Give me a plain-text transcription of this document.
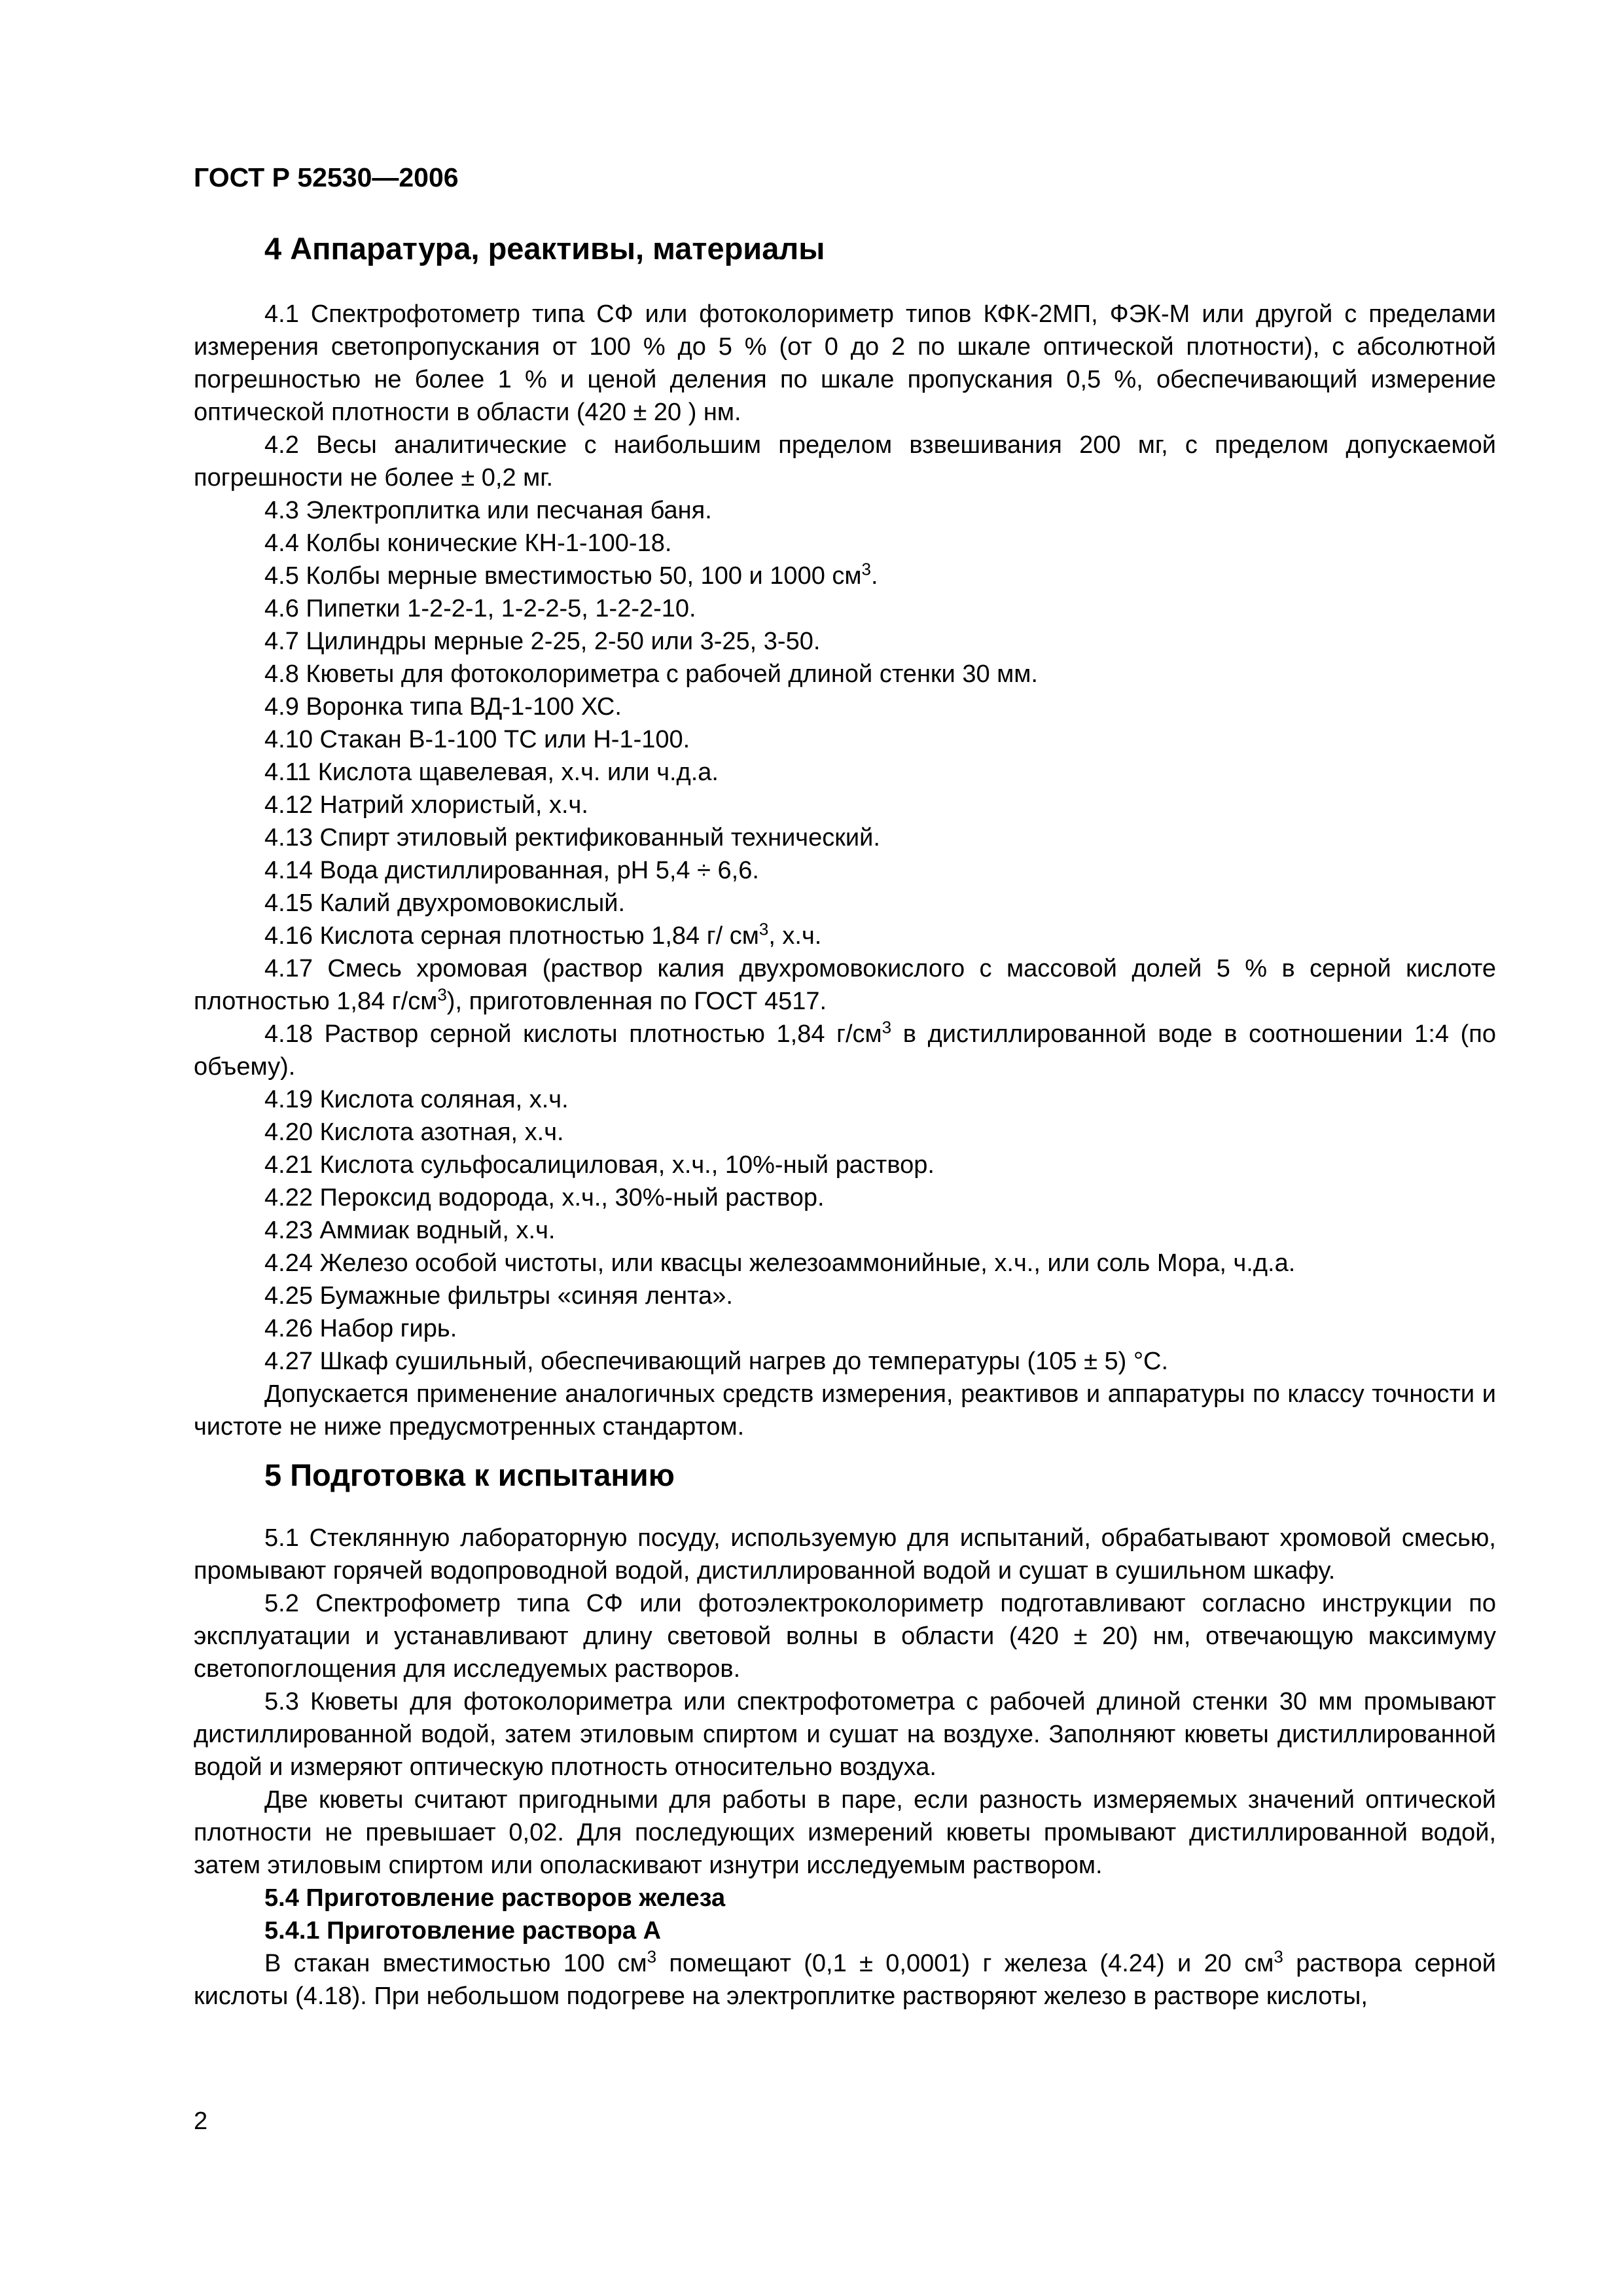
ГОСТ Р 52530—2006
4 Аппаратура, реактивы, материалы

4.1 Спектрофотометр типа СФ или фотоколориметр типов КФК-2МП, ФЭК-М или другой с пределами измерения светопропускания от 100 % до 5 % (от 0 до 2 по шкале оптической плотности), с абсолютной погрешностью не более 1 % и ценой деления по шкале пропускания 0,5 %, обеспечивающий измерение оптической плотности в области (420 ± 20 ) нм.

4.2 Весы аналитические с наибольшим пределом взвешивания 200 мг, с пределом допускаемой погрешности не более ± 0,2 мг.

4.3 Электроплитка или песчаная баня.

4.4 Колбы конические КН-1-100-18.

4.5 Колбы мерные вместимостью 50, 100 и 1000 $см^3$.

4.6 Пипетки 1-2-2-1, 1-2-2-5, 1-2-2-10.

4.7 Цилиндры мерные 2-25, 2-50 или 3-25, 3-50.

4.8 Кюветы для фотоколориметра с рабочей длиной стенки 30 мм.

4.9 Воронка типа ВД-1-100 ХС.

4.10 Стакан В-1-100 ТС или Н-1-100.

4.11 Кислота щавелевая, х.ч. или ч.д.а.

4.12 Натрий хлористый, х.ч.

4.13 Спирт этиловый ректификованный технический.

4.14 Вода дистиллированная, рН 5,4 ÷ 6,6.

4.15 Калий двухромовокислый.

4.16 Кислота серная плотностью 1,84 г/ $см^3$, х.ч.

4.17 Смесь хромовая (раствор калия двухромовокислого с массовой долей 5 % в серной кислоте плотностью 1,84 $г/см^3$), приготовленная по ГОСТ 4517.

4.18 Раствор серной кислоты плотностью 1,84 $г/см^3$ в дистиллированной воде в соотношении 1:4 (по объему).

4.19 Кислота соляная, х.ч.

4.20 Кислота азотная, х.ч.

4.21 Кислота сульфосалициловая, х.ч., 10%-ный раствор.

4.22 Пероксид водорода, х.ч., 30%-ный раствор.

4.23 Аммиак водный, х.ч.

4.24 Железо особой чистоты, или квасцы железоаммонийные, х.ч., или соль Мора, ч.д.а.

4.25 Бумажные фильтры «синяя лента».

4.26 Набор гирь.

4.27 Шкаф сушильный, обеспечивающий нагрев до температуры (105 ± 5) °С.

Допускается применение аналогичных средств измерения, реактивов и аппаратуры по классу точности и чистоте не ниже предусмотренных стандартом.

5 Подготовка к испытанию

5.1 Стеклянную лабораторную посуду, используемую для испытаний, обрабатывают хромовой смесью, промывают горячей водопроводной водой, дистиллированной водой и сушат в сушильном шкафу.

5.2 Спектрофометр типа СФ или фотоэлектроколориметр подготавливают согласно инструкции по эксплуатации и устанавливают длину световой волны в области (420 ± 20) нм, отвечающую максимуму светопоглощения для исследуемых растворов.

5.3 Кюветы для фотоколориметра или спектрофотометра с рабочей длиной стенки 30 мм промывают дистиллированной водой, затем этиловым спиртом и сушат на воздухе. Заполняют кюветы дистиллированной водой и измеряют оптическую плотность относительно воздуха.

Две кюветы считают пригодными для работы в паре, если разность измеряемых значений оптической плотности не превышает 0,02. Для последующих измерений кюветы промывают дистиллированной водой, затем этиловым спиртом или ополаскивают изнутри исследуемым раствором.

5.4 Приготовление растворов железа

5.4.1 Приготовление раствора А

В стакан вместимостью 100 $см^3$ помещают (0,1 ± 0,0001) г железа (4.24) и 20 $см^3$ раствора серной кислоты (4.18). При небольшом подогреве на электроплитке растворяют железо в растворе кислоты,

2
